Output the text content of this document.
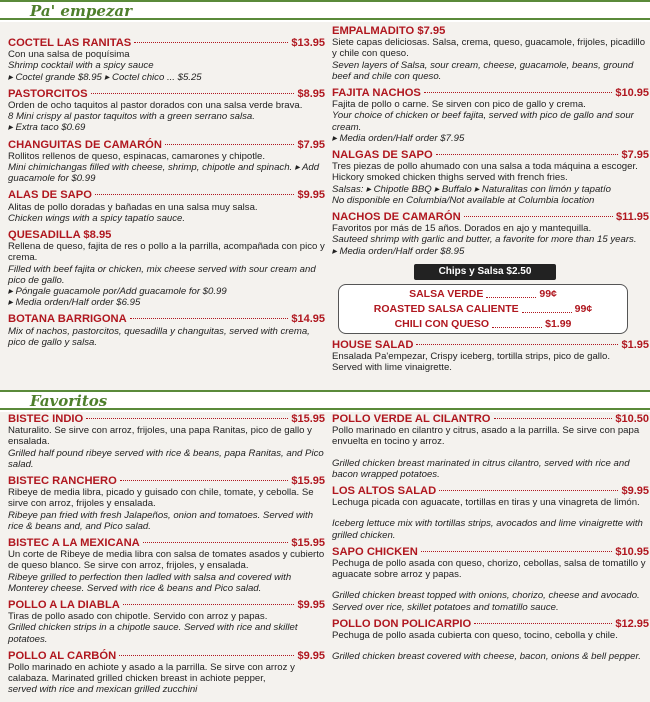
Pa' empezar
COCTEL LAS RANITAS	$13.95
Con una salsa de poquísima
Shrimp cocktail with a spicy sauce
▸ Coctel grande $8.95 ▸ Coctel chico ... $5.25
PASTORCITOS	$8.95
Orden de ocho taquitos al pastor dorados con una salsa verde brava.
8 Mini crispy al pastor taquitos with a green serrano salsa.
▸ Extra taco $0.69
CHANGUITAS DE CAMARÓN	$7.95
Rollitos rellenos de queso, espinacas, camarones y chipotle.
Mini chimichangas filled with cheese, shrimp, chipotle and spinach. ▸ Add guacamole for $0.99
ALAS DE SAPO	$9.95
Alitas de pollo doradas y bañadas en una salsa muy salsa.
Chicken wings with a spicy tapatío sauce.
QUESADILLA $8.95
Rellena de queso, fajita de res o pollo a la parrilla, acompañada con pico y crema.
Filled with beef fajita or chicken, mix cheese served with sour cream and pico de gallo.
▸ Póngale guacamole por/Add guacamole for $0.99
▸ Media orden/Half order $6.95
BOTANA BARRIGONA	$14.95
Mix of nachos, pastorcitos, quesadilla y changuitas, served with crema, pico de gallo y salsa.
EMPALMADITO $7.95
Siete capas deliciosas. Salsa, crema, queso, guacamole, frijoles, picadillo y chile con queso.
Seven layers of Salsa, sour cream, cheese, guacamole, beans, ground beef and chile con queso.
FAJITA NACHOS	$10.95
Fajita de pollo o carne. Se sirven con pico de gallo y crema.
Your choice of chicken or beef fajita, served with pico de gallo and sour cream.
▸ Media orden/Half order $7.95
NALGAS DE SAPO	$7.95
Tres piezas de pollo ahumado con una salsa a toda máquina a escoger. Hickory smoked chicken thighs served with french fries.
Salsas: ▸ Chipotle BBQ ▸ Buffalo ▸ Naturalitas con limón y tapatío
No disponible en Columbia/Not available at Columbia location
NACHOS DE CAMARÓN	$11.95
Favoritos por más de 15 años. Dorados en ajo y mantequilla.
Sauteed shrimp with garlic and butter, a favorite for more than 15 years.
▸ Media orden/Half order $8.95
Chips y Salsa $2.50
SALSA VERDE	99¢
ROASTED SALSA CALIENTE	99¢
CHILI CON QUESO	$1.99
HOUSE SALAD	$1.95
Ensalada Pa'empezar, Crispy iceberg, tortilla strips, pico de gallo.
Served with lime vinaigrette.
Favoritos
BISTEC INDIO	$15.95
Naturalito. Se sirve con arroz, frijoles, una papa Ranitas, pico de gallo y ensalada.
Grilled half pound ribeye served with rice & beans, papa Ranitas, and Pico salad.
BISTEC RANCHERO	$15.95
Ribeye de media libra, picado y guisado con chile, tomate, y cebolla. Se sirve con arroz, frijoles y ensalada.
Ribeye pan fried with fresh Jalapeños, onion and tomatoes. Served with rice & beans and, and Pico salad.
BISTEC A LA MEXICANA	$15.95
Un corte de Ribeye de media libra con salsa de tomates asados y cubierto de queso blanco. Se sirve con arroz, frijoles, y ensalada.
Ribeye grilled to perfection then ladled with salsa and covered with Monterey cheese. Served with rice & beans and Pico salad.
POLLO A LA DIABLA	$9.95
Tiras de pollo asado con chipotle. Servido con arroz y papas.
Grilled chicken strips in a chipotle sauce. Served with rice and skillet potatoes.
POLLO AL CARBÓN	$9.95
Pollo marinado en achiote y asado a la parrilla. Se sirve con arroz y calabaza. Marinated grilled chicken breast in achiote pepper,
served with rice and mexican grilled zucchini
POLLO VERDE AL CILANTRO	$10.50
Pollo marinado en cilantro y citrus, asado a la parrilla. Se sirve con papa envuelta en tocino y arroz.
Grilled chicken breast marinated in citrus cilantro, served with rice and bacon wrapped potatoes.
LOS ALTOS SALAD	$9.95
Lechuga picada con aguacate, tortillas en tiras y una vinagreta de limón.
Iceberg lettuce mix with tortillas strips, avocados and lime vinaigrette with grilled chicken.
SAPO CHICKEN	$10.95
Pechuga de pollo asada con queso, chorizo, cebollas, salsa de tomatillo y aguacate sobre arroz y papas.
Grilled chicken breast topped with onions, chorizo, cheese and avocado. Served over rice, skillet potatoes and tomatillo sauce.
POLLO DON POLICARPIO	$12.95
Pechuga de pollo asada cubierta con queso, tocino, cebolla y chile.
Grilled chicken breast covered with cheese, bacon, onions & bell pepper.
